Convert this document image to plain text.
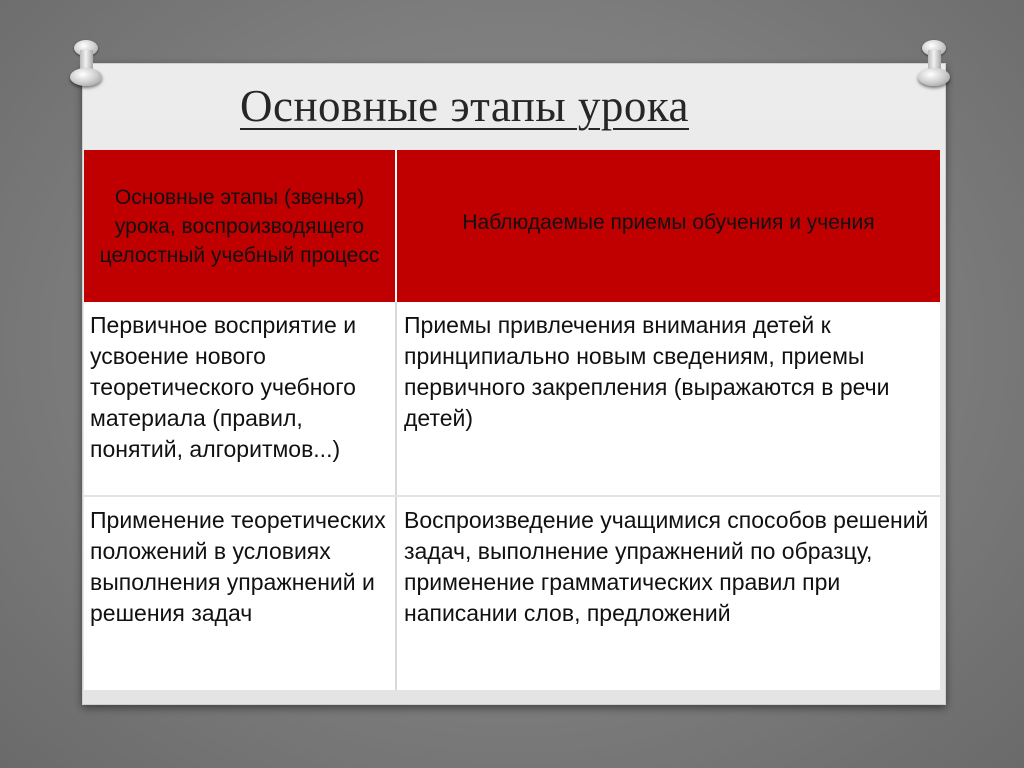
Основные этапы урока
Основные этапы (звенья) урока, воспроизводящего целостный учебный процесс	Наблюдаемые приемы обучения и учения
Первичное восприятие и усвоение нового теоретического учебного материала (правил, понятий, алгоритмов...)	Приемы привлечения внимания детей к принципиально новым сведениям, приемы первичного закрепления (выражаются в речи детей)
Применение теоретических положений в условиях выполнения упражнений и решения задач	Воспроизведение учащимися способов решений задач, выполнение упражнений по образцу, применение грамматических правил при написании слов, предложений
